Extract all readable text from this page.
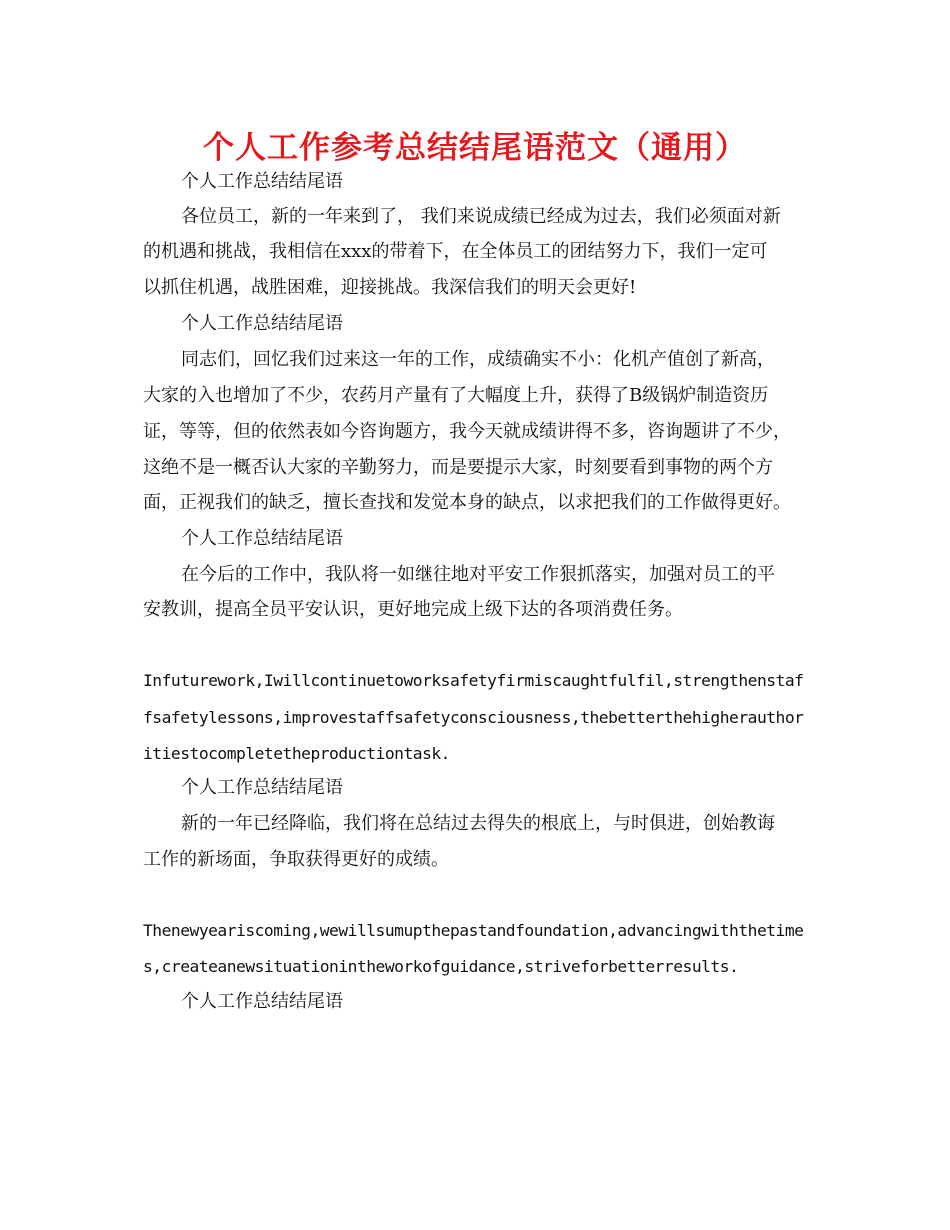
个人工作参考总结结尾语范文（通用）
个人工作总结结尾语
各位员工，新的一年来到了， 我们来说成绩已经成为过去，我们必须面对新
的机遇和挑战，我相信在xxx的带着下，在全体员工的团结努力下，我们一定可
以抓住机遇，战胜困难，迎接挑战。我深信我们的明天会更好!
个人工作总结结尾语
同志们，回忆我们过来这一年的工作，成绩确实不小：化机产值创了新高，
大家的入也增加了不少，农药月产量有了大幅度上升，获得了B级锅炉制造资历
证，等等，但的依然表如今咨询题方，我今天就成绩讲得不多，咨询题讲了不少，
这绝不是一概否认大家的辛勤努力，而是要提示大家，时刻要看到事物的两个方
面，正视我们的缺乏，擅长查找和发觉本身的缺点，以求把我们的工作做得更好。
个人工作总结结尾语
在今后的工作中，我队将一如继往地对平安工作狠抓落实，加强对员工的平
安教训，提高全员平安认识，更好地完成上级下达的各项消费任务。
Infuturework,Iwillcontinuetoworksafetyfirmiscaughtfulfil,strengthenstaf
fsafetylessons,improvestaffsafetyconsciousness,thebetterthehigherauthor
itiestocompletetheproductiontask.
个人工作总结结尾语
新的一年已经降临，我们将在总结过去得失的根底上，与时俱进，创始教诲
工作的新场面，争取获得更好的成绩。
Thenewyeariscoming,wewillsumupthepastandfoundation,advancingwiththetime
s,createanewsituationintheworkofguidance,striveforbetterresults.
个人工作总结结尾语
